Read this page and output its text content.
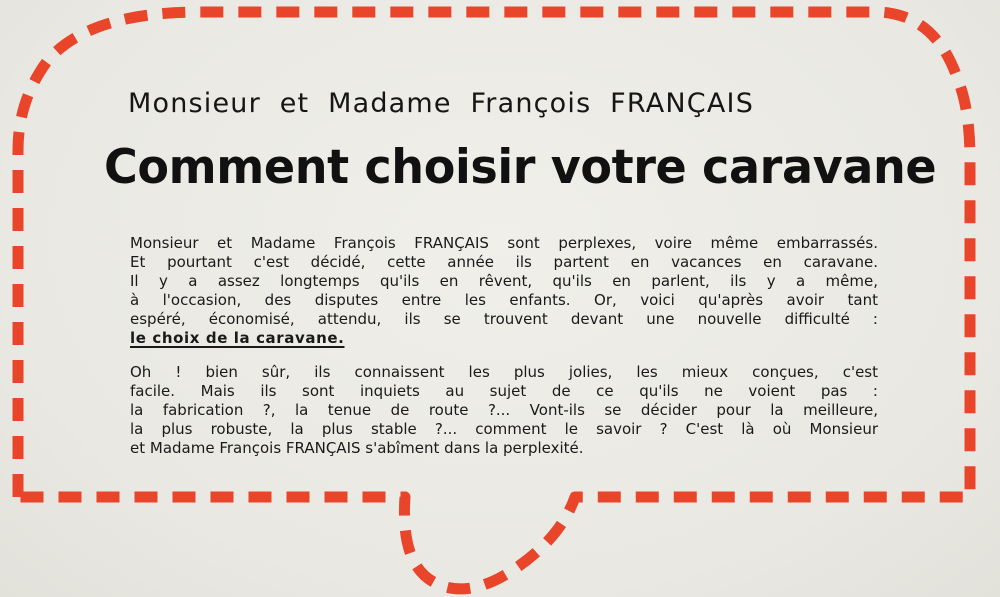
Monsieur et Madame François FRANÇAIS
Comment choisir votre caravane
Monsieur et Madame François FRANÇAIS sont perplexes, voire même embarrassés.
Et pourtant c'est décidé, cette année ils partent en vacances en caravane.
Il y a assez longtemps qu'ils en rêvent, qu'ils en parlent, ils y a même,
à l'occasion, des disputes entre les enfants. Or, voici qu'après avoir tant
espéré, économisé, attendu, ils se trouvent devant une nouvelle difficulté :
le choix de la caravane.
Oh ! bien sûr, ils connaissent les plus jolies, les mieux conçues, c'est
facile. Mais ils sont inquiets au sujet de ce qu'ils ne voient pas :
la fabrication ?, la tenue de route ?... Vont-ils se décider pour la meilleure,
la plus robuste, la plus stable ?... comment le savoir ? C'est là où Monsieur
et Madame François FRANÇAIS s'abîment dans la perplexité.
